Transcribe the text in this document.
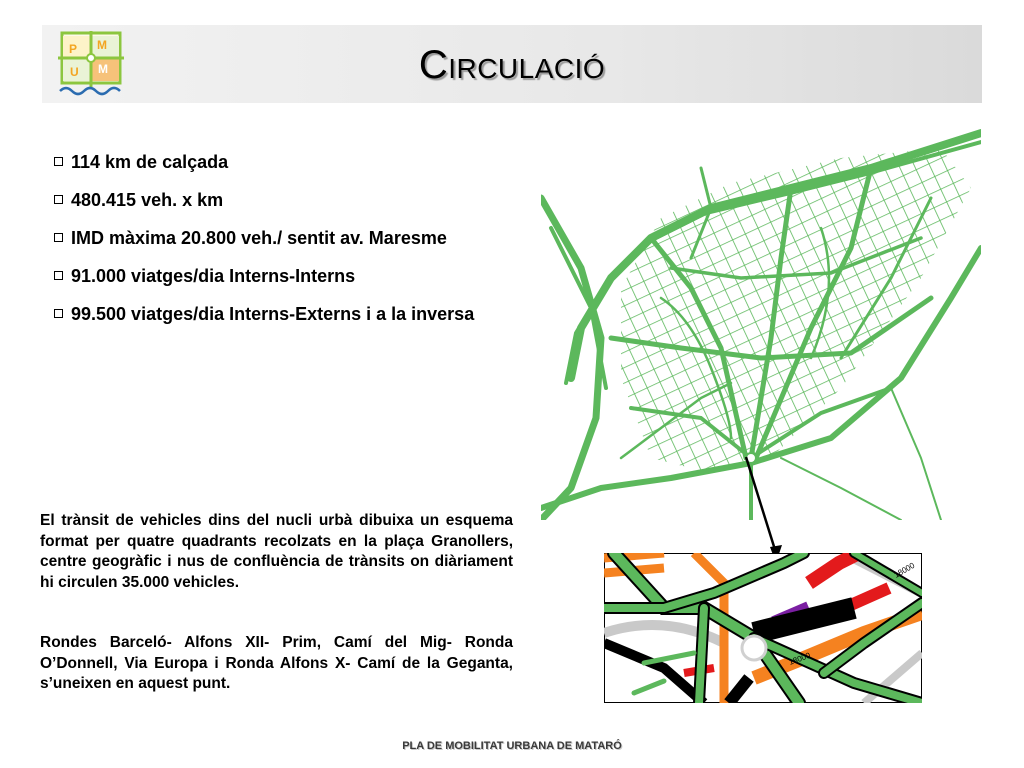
P M
U M	Circulació
114 km de calçada
480.415 veh. x km
IMD màxima 20.800 veh./ sentit av. Maresme
91.000 viatges/dia Interns-Interns
99.500 viatges/dia Interns-Externs i a la inversa

El trànsit de vehicles dins del nucli urbà dibuixa un esquema format per quatre quadrants recolzats en la plaça Granollers, centre geogràfic i nus de confluència de trànsits on diàriament hi circulen 35.000 vehicles.

Rondes Barceló- Alfons XII- Prim, Camí del Mig- Ronda O’Donnell, Via Europa i Ronda Alfons X- Camí de la Geganta, s’uneixen en aquest punt.

18000
18000
PLA DE MOBILITAT URBANA DE MATARÓ
